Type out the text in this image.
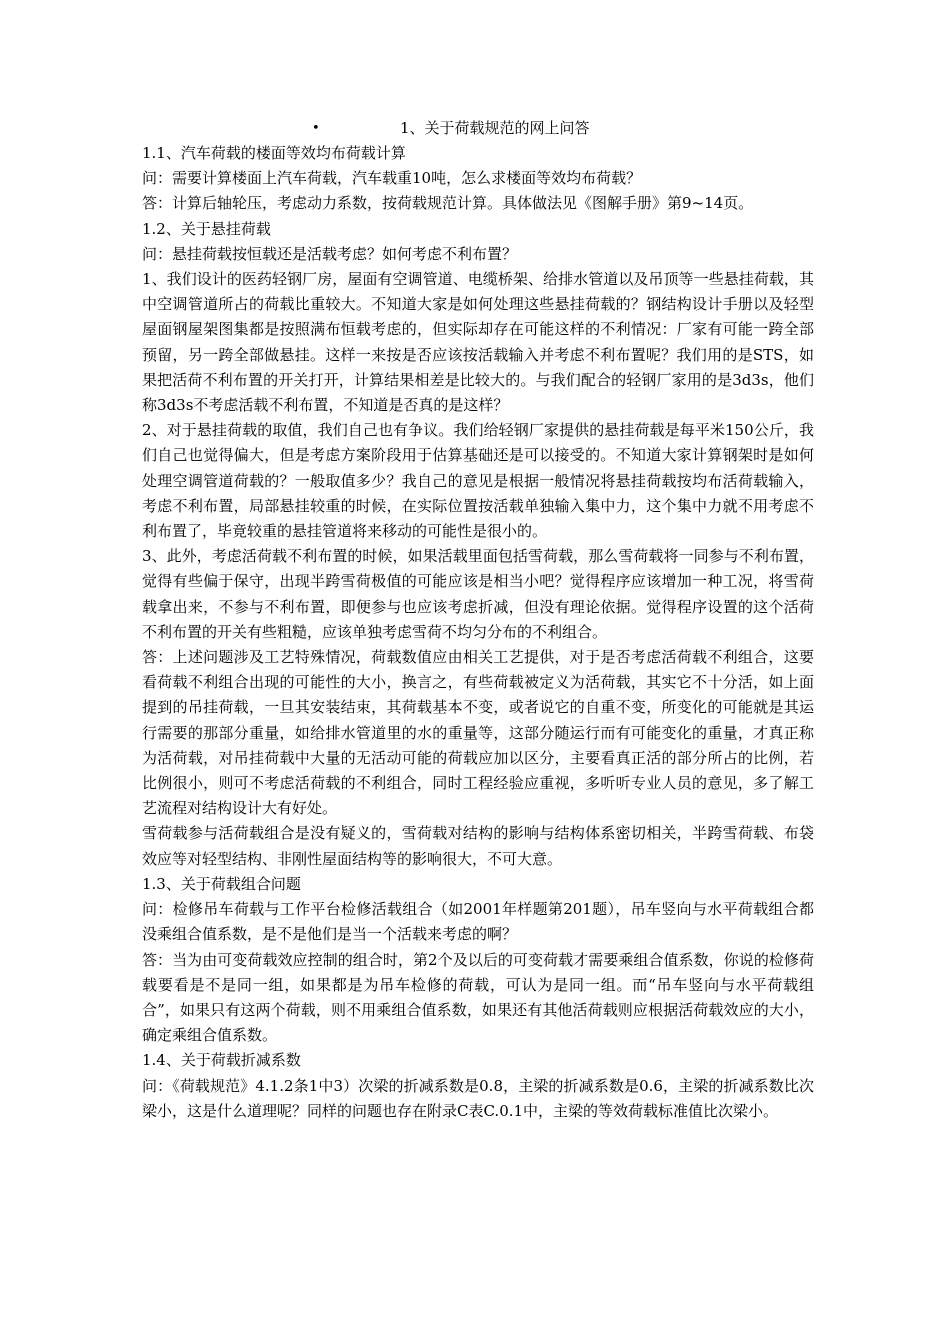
•	1、关于荷载规范的网上问答

1.1、汽车荷载的楼面等效均布荷载计算

问：需要计算楼面上汽车荷载，汽车载重10吨，怎么求楼面等效均布荷载？

答：计算后轴轮压，考虑动力系数，按荷载规范计算。具体做法见《图解手册》第9~14页。

1.2、关于悬挂荷载

问：悬挂荷载按恒载还是活载考虑？如何考虑不利布置？

1、我们设计的医药轻钢厂房，屋面有空调管道、电缆桥架、给排水管道以及吊顶等一些悬挂荷载，其中空调管道所占的荷载比重较大。不知道大家是如何处理这些悬挂荷载的？钢结构设计手册以及轻型屋面钢屋架图集都是按照满布恒载考虑的，但实际却存在可能这样的不利情况：厂家有可能一跨全部预留，另一跨全部做悬挂。这样一来按是否应该按活载输入并考虑不利布置呢？我们用的是STS，如果把活荷不利布置的开关打开，计算结果相差是比较大的。与我们配合的轻钢厂家用的是3d3s，他们称3d3s不考虑活载不利布置，不知道是否真的是这样？

2、对于悬挂荷载的取值，我们自己也有争议。我们给轻钢厂家提供的悬挂荷载是每平米150公斤，我们自己也觉得偏大，但是考虑方案阶段用于估算基础还是可以接受的。不知道大家计算钢架时是如何处理空调管道荷载的？一般取值多少？我自己的意见是根据一般情况将悬挂荷载按均布活荷载输入，考虑不利布置，局部悬挂较重的时候，在实际位置按活载单独输入集中力，这个集中力就不用考虑不利布置了，毕竟较重的悬挂管道将来移动的可能性是很小的。

3、此外，考虑活荷载不利布置的时候，如果活载里面包括雪荷载，那么雪荷载将一同参与不利布置，觉得有些偏于保守，出现半跨雪荷极值的可能应该是相当小吧？觉得程序应该增加一种工况，将雪荷载拿出来，不参与不利布置，即便参与也应该考虑折减，但没有理论依据。觉得程序设置的这个活荷不利布置的开关有些粗糙，应该单独考虑雪荷不均匀分布的不利组合。

答：上述问题涉及工艺特殊情况，荷载数值应由相关工艺提供，对于是否考虑活荷载不利组合，这要看荷载不利组合出现的可能性的大小，换言之，有些荷载被定义为活荷载，其实它不十分活，如上面提到的吊挂荷载，一旦其安装结束，其荷载基本不变，或者说它的自重不变，所变化的可能就是其运行需要的那部分重量，如给排水管道里的水的重量等，这部分随运行而有可能变化的重量，才真正称为活荷载，对吊挂荷载中大量的无活动可能的荷载应加以区分，主要看真正活的部分所占的比例，若比例很小，则可不考虑活荷载的不利组合，同时工程经验应重视，多听听专业人员的意见，多了解工艺流程对结构设计大有好处。

雪荷载参与活荷载组合是没有疑义的，雪荷载对结构的影响与结构体系密切相关，半跨雪荷载、布袋效应等对轻型结构、非刚性屋面结构等的影响很大，不可大意。

1.3、关于荷载组合问题

问：检修吊车荷载与工作平台检修活载组合（如2001年样题第201题），吊车竖向与水平荷载组合都没乘组合值系数，是不是他们是当一个活载来考虑的啊？

答：当为由可变荷载效应控制的组合时，第2个及以后的可变荷载才需要乘组合值系数，你说的检修荷载要看是不是同一组，如果都是为吊车检修的荷载，可认为是同一组。而“吊车竖向与水平荷载组合”，如果只有这两个荷载，则不用乘组合值系数，如果还有其他活荷载则应根据活荷载效应的大小，确定乘组合值系数。

1.4、关于荷载折减系数

问：《荷载规范》4.1.2条1中3）次梁的折减系数是0.8，主梁的折减系数是0.6，主梁的折减系数比次梁小，这是什么道理呢？同样的问题也存在附录C表C.0.1中，主梁的等效荷载标准值比次梁小。
